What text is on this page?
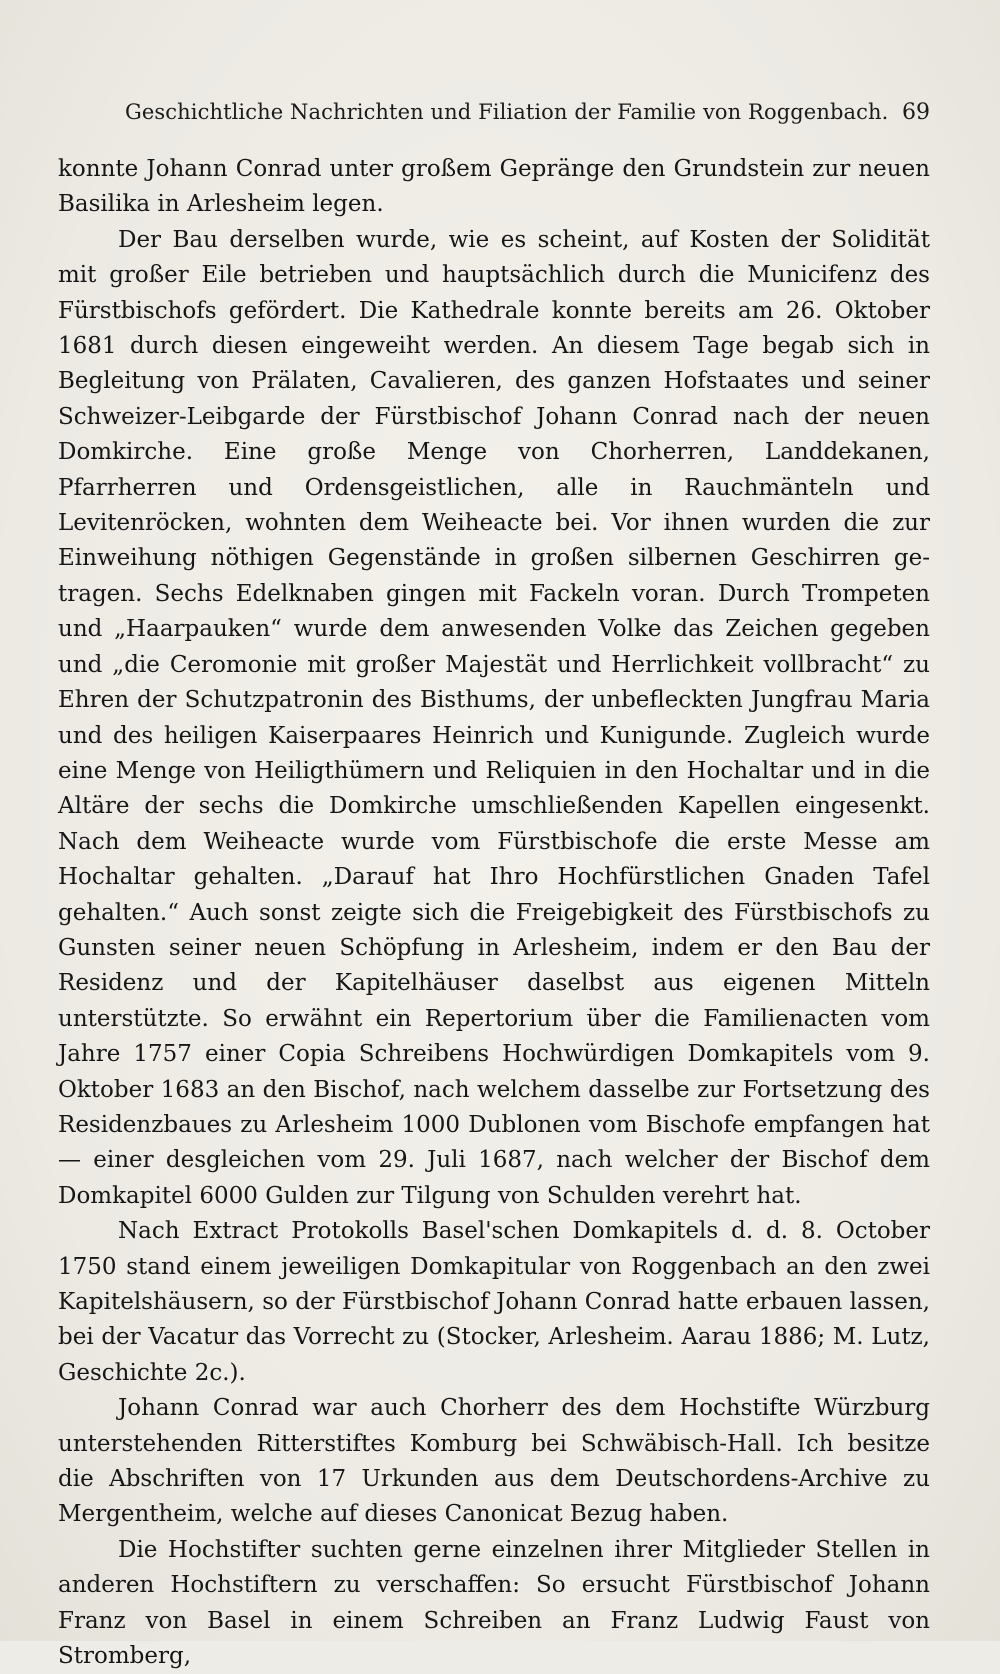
Geschichtliche Nachrichten und Filiation der Familie von Roggenbach. 69

konnte Johann Conrad unter großem Gepränge den Grundstein zur neuen Basilika in Arlesheim legen.

Der Bau derselben wurde, wie es scheint, auf Kosten der Solidität mit großer Eile betrieben und hauptsächlich durch die Municifenz des Fürstbischofs gefördert. Die Kathedrale konnte bereits am 26. Oktober 1681 durch diesen eingeweiht werden. An diesem Tage begab sich in Begleitung von Prälaten, Cavalieren, des ganzen Hofstaates und seiner Schweizer-Leibgarde der Fürstbischof Johann Conrad nach der neuen Domkirche. Eine große Menge von Chorherren, Landdekanen, Pfarrherren und Ordensgeistlichen, alle in Rauchmänteln und Levitenröcken, wohnten dem Weiheacte bei. Vor ihnen wurden die zur Einweihung nöthigen Gegenstände in großen silbernen Geschirren getragen. Sechs Edelknaben gingen mit Fackeln voran. Durch Trompeten und „Haarpauken“ wurde dem anwesenden Volke das Zeichen gegeben und „die Ceromonie mit großer Majestät und Herrlichkeit vollbracht“ zu Ehren der Schutzpatronin des Bisthums, der unbefleckten Jungfrau Maria und des heiligen Kaiserpaares Heinrich und Kunigunde. Zugleich wurde eine Menge von Heiligthümern und Reliquien in den Hochaltar und in die Altäre der sechs die Domkirche umschließenden Kapellen eingesenkt. Nach dem Weiheacte wurde vom Fürstbischofe die erste Messe am Hochaltar gehalten. „Darauf hat Ihro Hochfürstlichen Gnaden Tafel gehalten.“ Auch sonst zeigte sich die Freigebigkeit des Fürstbischofs zu Gunsten seiner neuen Schöpfung in Arlesheim, indem er den Bau der Residenz und der Kapitelhäuser daselbst aus eigenen Mitteln unterstützte. So erwähnt ein Repertorium über die Familienacten vom Jahre 1757 einer Copia Schreibens Hochwürdigen Domkapitels vom 9. Oktober 1683 an den Bischof, nach welchem dasselbe zur Fortsetzung des Residenzbaues zu Arlesheim 1000 Dublonen vom Bischofe empfangen hat — einer desgleichen vom 29. Juli 1687, nach welcher der Bischof dem Domkapitel 6000 Gulden zur Tilgung von Schulden verehrt hat.

Nach Extract Protokolls Basel'schen Domkapitels d. d. 8. October 1750 stand einem jeweiligen Domkapitular von Roggenbach an den zwei Kapitelshäusern, so der Fürstbischof Johann Conrad hatte erbauen lassen, bei der Vacatur das Vorrecht zu (Stocker, Arlesheim. Aarau 1886; M. Lutz, Geschichte 2c.).

Johann Conrad war auch Chorherr des dem Hochstifte Würzburg unterstehenden Ritterstiftes Komburg bei Schwäbisch-Hall. Ich besitze die Abschriften von 17 Urkunden aus dem Deutschordens-Archive zu Mergentheim, welche auf dieses Canonicat Bezug haben.

Die Hochstifter suchten gerne einzelnen ihrer Mitglieder Stellen in anderen Hochstiftern zu verschaffen: So ersucht Fürstbischof Johann Franz von Basel in einem Schreiben an Franz Ludwig Faust von Stromberg,
